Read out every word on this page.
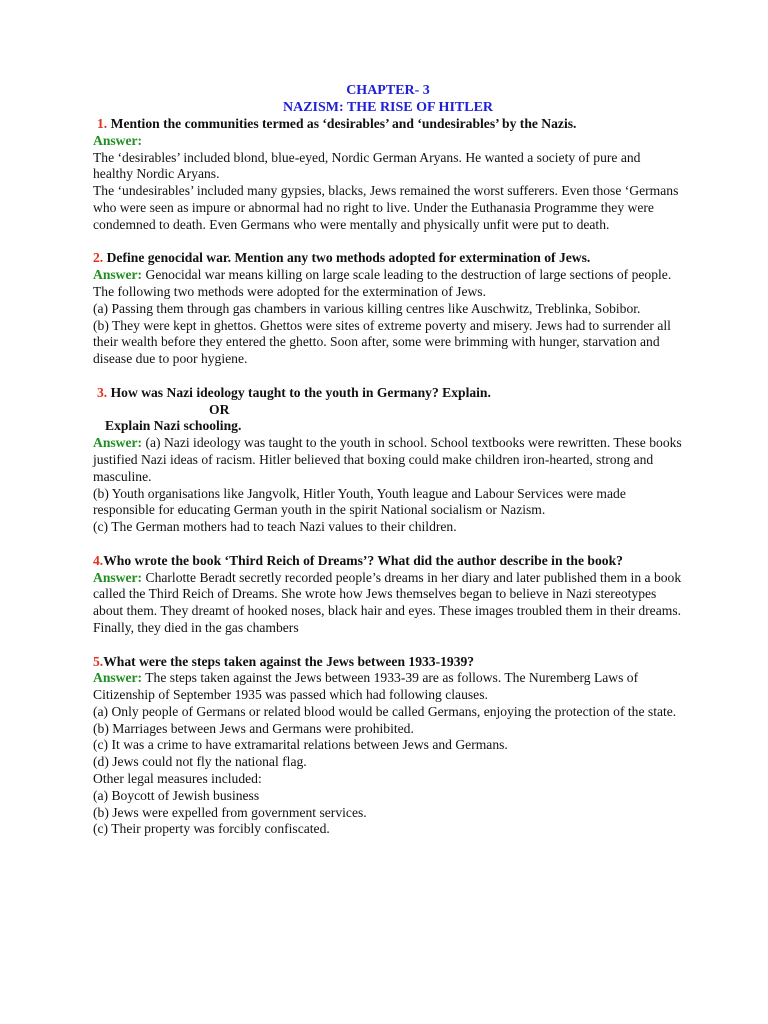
CHAPTER- 3
NAZISM: THE RISE OF HITLER

1. Mention the communities termed as ‘desirables’ and ‘undesirables’ by the Nazis.

Answer:

The ‘desirables’ included blond, blue-eyed, Nordic German Aryans. He wanted a society of pure and healthy Nordic Aryans.

The ‘undesirables’ included many gypsies, blacks, Jews remained the worst sufferers. Even those ‘Germans who were seen as impure or abnormal had no right to live. Under the Euthanasia Programme they were condemned to death. Even Germans who were mentally and physically unfit were put to death.

2. Define genocidal war. Mention any two methods adopted for extermination of Jews.

Answer: Genocidal war means killing on large scale leading to the destruction of large sections of people.

The following two methods were adopted for the extermination of Jews.

(a) Passing them through gas chambers in various killing centres like Auschwitz, Treblinka, Sobibor.

(b) They were kept in ghettos. Ghettos were sites of extreme poverty and misery. Jews had to surrender all their wealth before they entered the ghetto. Soon after, some were brimming with hunger, starvation and disease due to poor hygiene.

3. How was Nazi ideology taught to the youth in Germany? Explain.

OR

Explain Nazi schooling.

Answer: (a) Nazi ideology was taught to the youth in school. School textbooks were rewritten. These books

justified Nazi ideas of racism. Hitler believed that boxing could make children iron-hearted, strong and masculine.

(b) Youth organisations like Jangvolk, Hitler Youth, Youth league and Labour Services were made responsible for educating German youth in the spirit National socialism or Nazism.

(c) The German mothers had to teach Nazi values to their children.

4.Who wrote the book ‘Third Reich of Dreams’? What did the author describe in the book?

Answer: Charlotte Beradt secretly recorded people’s dreams in her diary and later published them in a book called the Third Reich of Dreams. She wrote how Jews themselves began to believe in Nazi stereotypes about them. They dreamt of hooked noses, black hair and eyes. These images troubled them in their dreams. Finally, they died in the gas chambers

5.What were the steps taken against the Jews between 1933-1939?

Answer: The steps taken against the Jews between 1933-39 are as follows. The Nuremberg Laws of Citizenship of September 1935 was passed which had following clauses.

(a) Only people of Germans or related blood would be called Germans, enjoying the protection of the state.

(b) Marriages between Jews and Germans were prohibited.

(c) It was a crime to have extramarital relations between Jews and Germans.

(d) Jews could not fly the national flag.

Other legal measures included:

(a) Boycott of Jewish business

(b) Jews were expelled from government services.

(c) Their property was forcibly confiscated.
